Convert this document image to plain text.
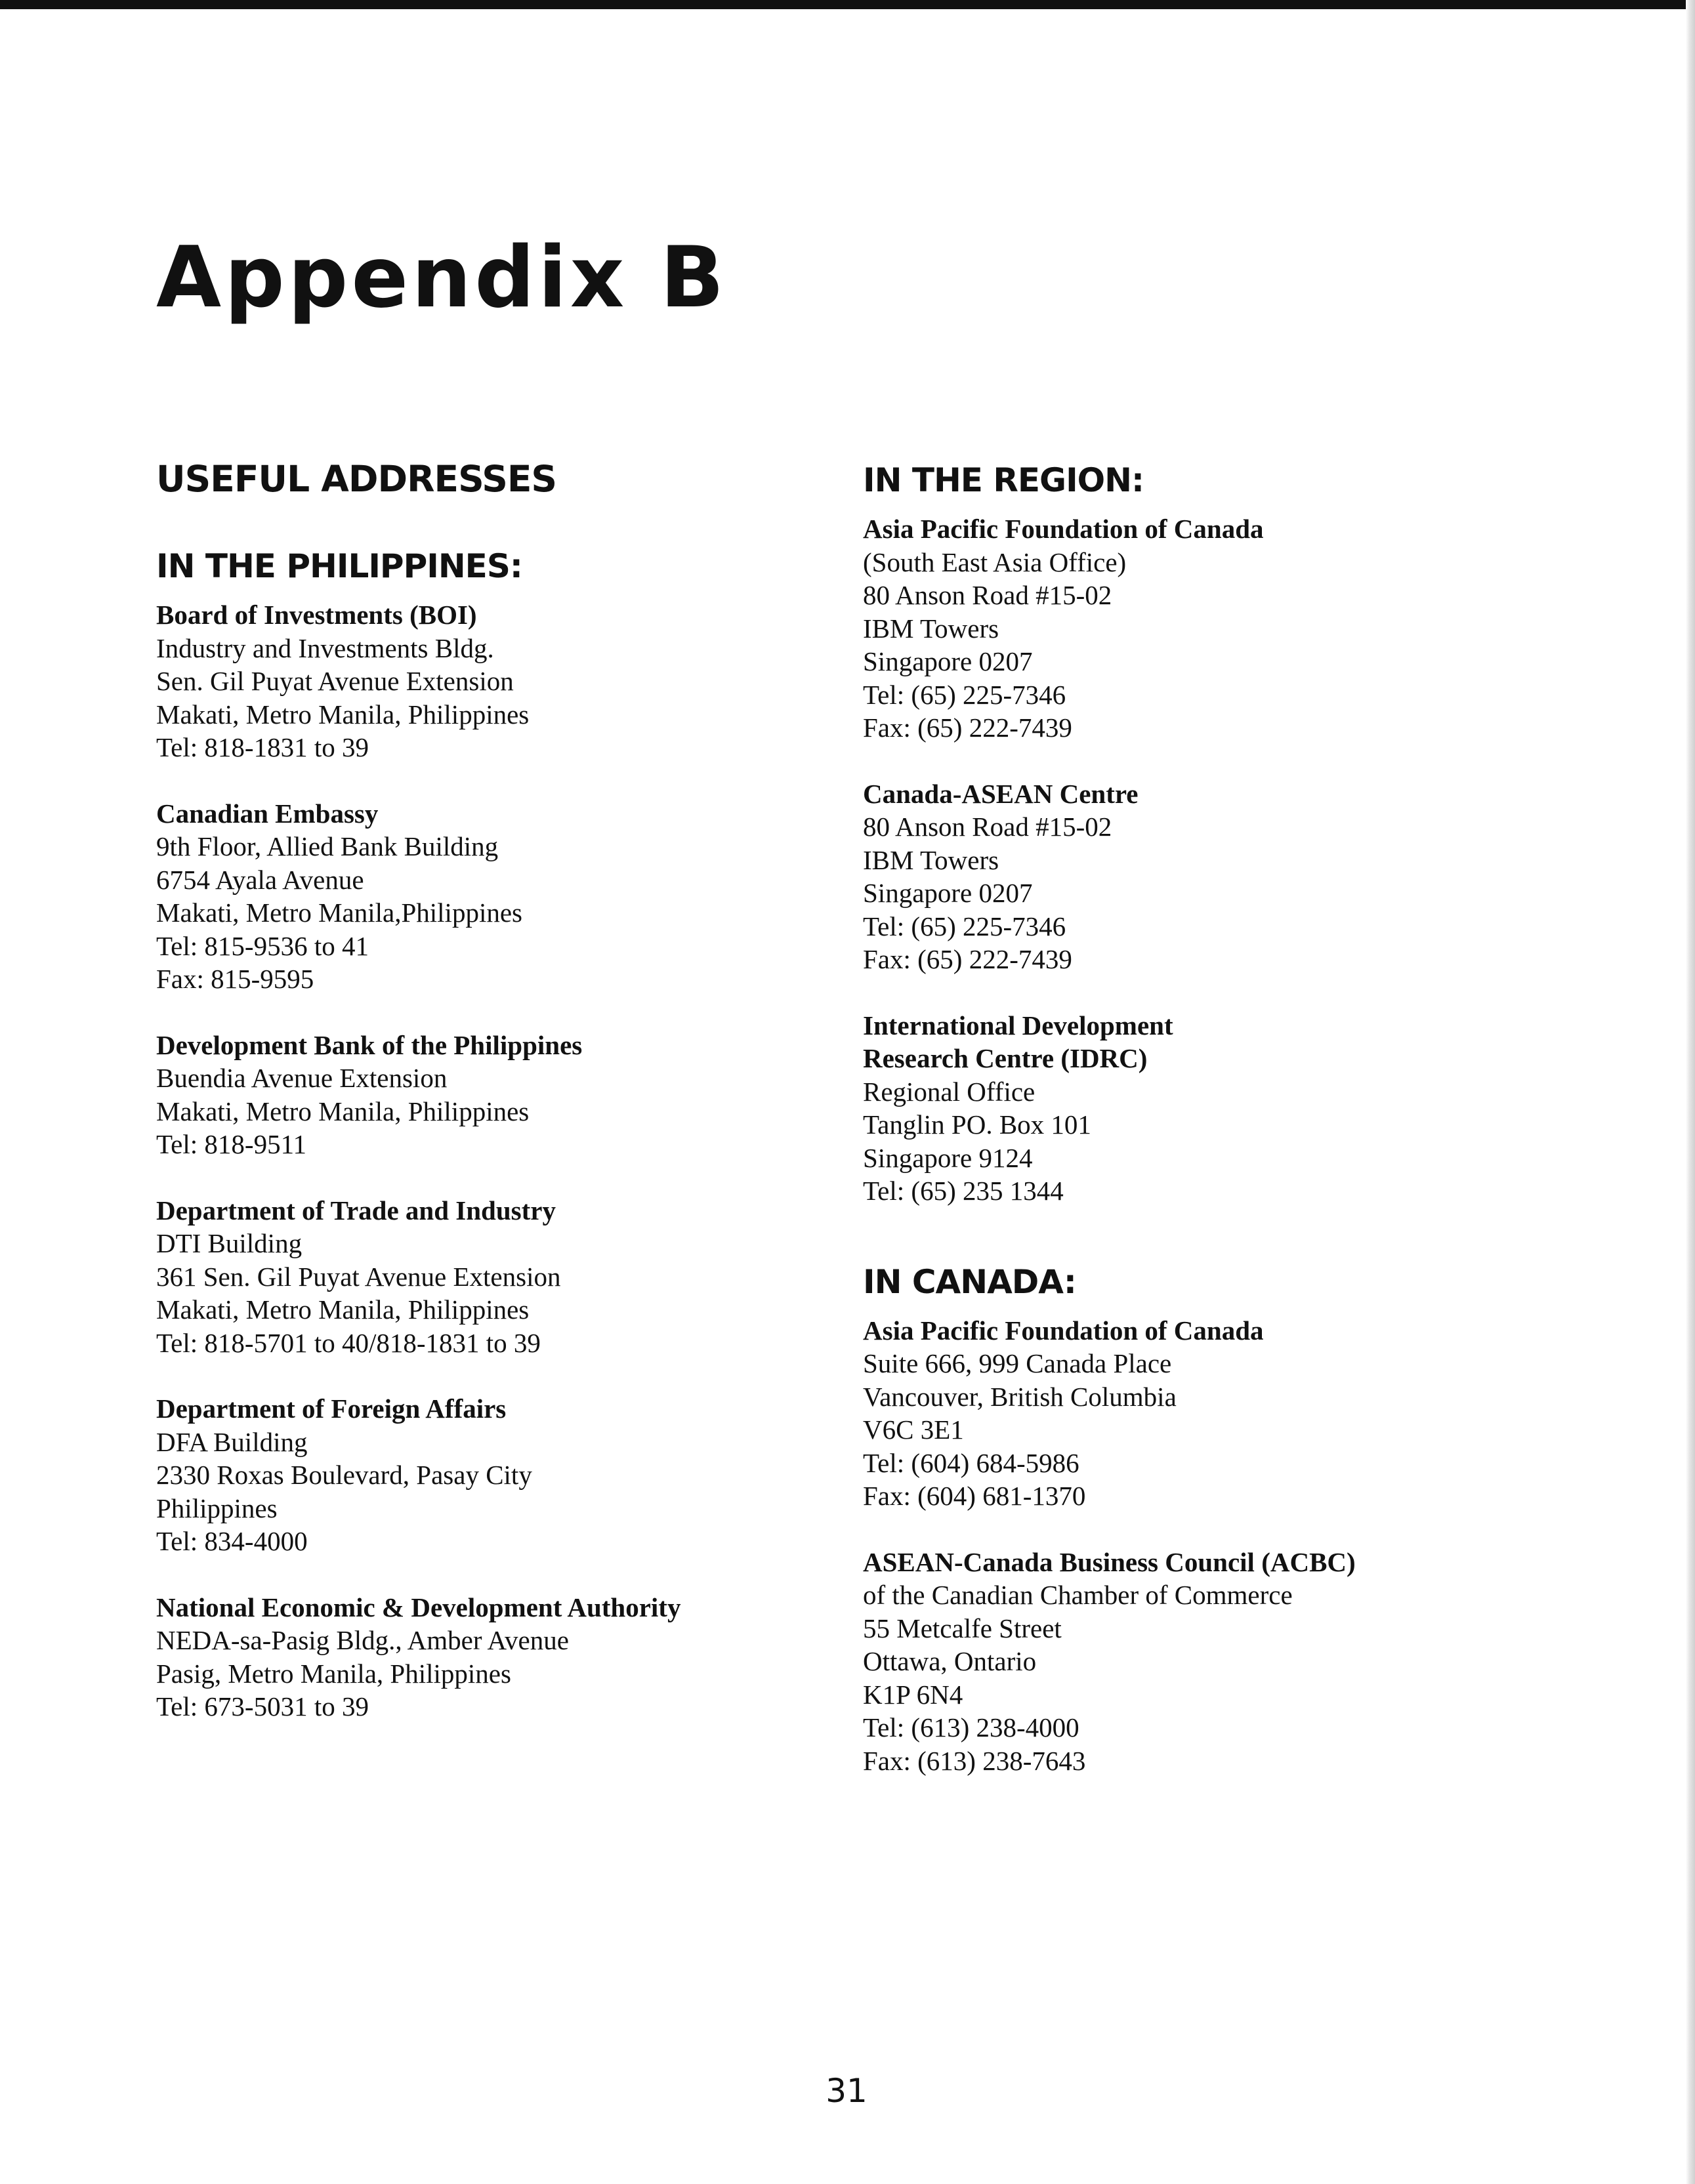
Appendix B
USEFUL ADDRESSES
IN THE PHILIPPINES:
Board of Investments (BOI)
Industry and Investments Bldg.
Sen. Gil Puyat Avenue Extension
Makati, Metro Manila, Philippines
Tel: 818-1831 to 39
Canadian Embassy
9th Floor, Allied Bank Building
6754 Ayala Avenue
Makati, Metro Manila,Philippines
Tel: 815-9536 to 41
Fax: 815-9595
Development Bank of the Philippines
Buendia Avenue Extension
Makati, Metro Manila, Philippines
Tel: 818-9511
Department of Trade and Industry
DTI Building
361 Sen. Gil Puyat Avenue Extension
Makati, Metro Manila, Philippines
Tel: 818-5701 to 40/818-1831 to 39
Department of Foreign Affairs
DFA Building
2330 Roxas Boulevard, Pasay City
Philippines
Tel: 834-4000
National Economic & Development Authority
NEDA-sa-Pasig Bldg., Amber Avenue
Pasig, Metro Manila, Philippines
Tel: 673-5031 to 39
IN THE REGION:
Asia Pacific Foundation of Canada
(South East Asia Office)
80 Anson Road #15-02
IBM Towers
Singapore 0207
Tel: (65) 225-7346
Fax: (65) 222-7439
Canada-ASEAN Centre
80 Anson Road #15-02
IBM Towers
Singapore 0207
Tel: (65) 225-7346
Fax: (65) 222-7439
International Development
Research Centre (IDRC)
Regional Office
Tanglin PO. Box 101
Singapore 9124
Tel: (65) 235 1344
IN CANADA:
Asia Pacific Foundation of Canada
Suite 666, 999 Canada Place
Vancouver, British Columbia
V6C 3E1
Tel: (604) 684-5986
Fax: (604) 681-1370
ASEAN-Canada Business Council (ACBC)
of the Canadian Chamber of Commerce
55 Metcalfe Street
Ottawa, Ontario
K1P 6N4
Tel: (613) 238-4000
Fax: (613) 238-7643
31
